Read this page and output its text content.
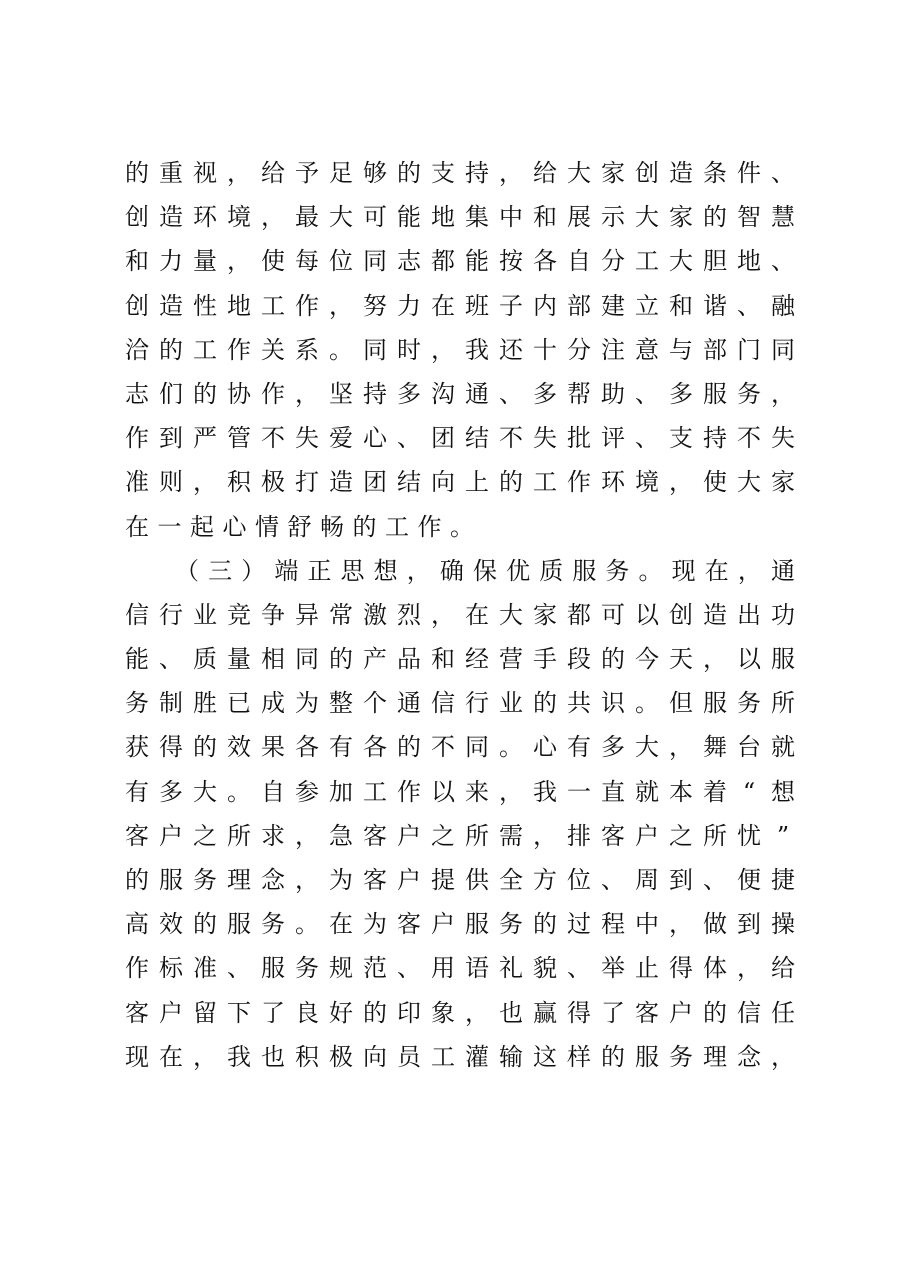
的 重 视 ， 给 予 足 够 的 支 持 ， 给 大 家 创 造 条 件 、
创 造 环 境 ， 最 大 可 能 地 集 中 和 展 示 大 家 的 智 慧
和 力 量 ， 使 每 位 同 志 都 能 按 各 自 分 工 大 胆 地 、
创 造 性 地 工 作 ， 努 力 在 班 子 内 部 建 立 和 谐 、 融
洽 的 工 作 关 系 。 同 时 ， 我 还 十 分 注 意 与 部 门 同
志 们 的 协 作 ， 坚 持 多 沟 通 、 多 帮 助 、 多 服 务 ，
作 到 严 管 不 失 爱 心 、 团 结 不 失 批 评 、 支 持 不 失
准 则 ， 积 极 打 造 团 结 向 上 的 工 作 环 境 ， 使 大 家
在 一 起 心 情 舒 畅 的 工 作 。
（ 三 ） 端 正 思 想 ， 确 保 优 质 服 务 。 现 在 ， 通
信 行 业 竞 争 异 常 激 烈 ， 在 大 家 都 可 以 创 造 出 功
能 、 质 量 相 同 的 产 品 和 经 营 手 段 的 今 天 ， 以 服
务 制 胜 已 成 为 整 个 通 信 行 业 的 共 识 。 但 服 务 所
获 得 的 效 果 各 有 各 的 不 同 。 心 有 多 大 ， 舞 台 就
有 多 大 。 自 参 加 工 作 以 来 ， 我 一 直 就 本 着 “ 想
客 户 之 所 求 ， 急 客 户 之 所 需 ， 排 客 户 之 所 忧 ”
的 服 务 理 念 ， 为 客 户 提 供 全 方 位 、 周 到 、 便 捷
高 效 的 服 务 。 在 为 客 户 服 务 的 过 程 中 ， 做 到 操
作 标 准 、 服 务 规 范 、 用 语 礼 貌 、 举 止 得 体 ， 给
客 户 留 下 了 良 好 的 印 象 ， 也 赢 得 了 客 户 的 信 任
现 在 ， 我 也 积 极 向 员 工 灌 输 这 样 的 服 务 理 念 ，
